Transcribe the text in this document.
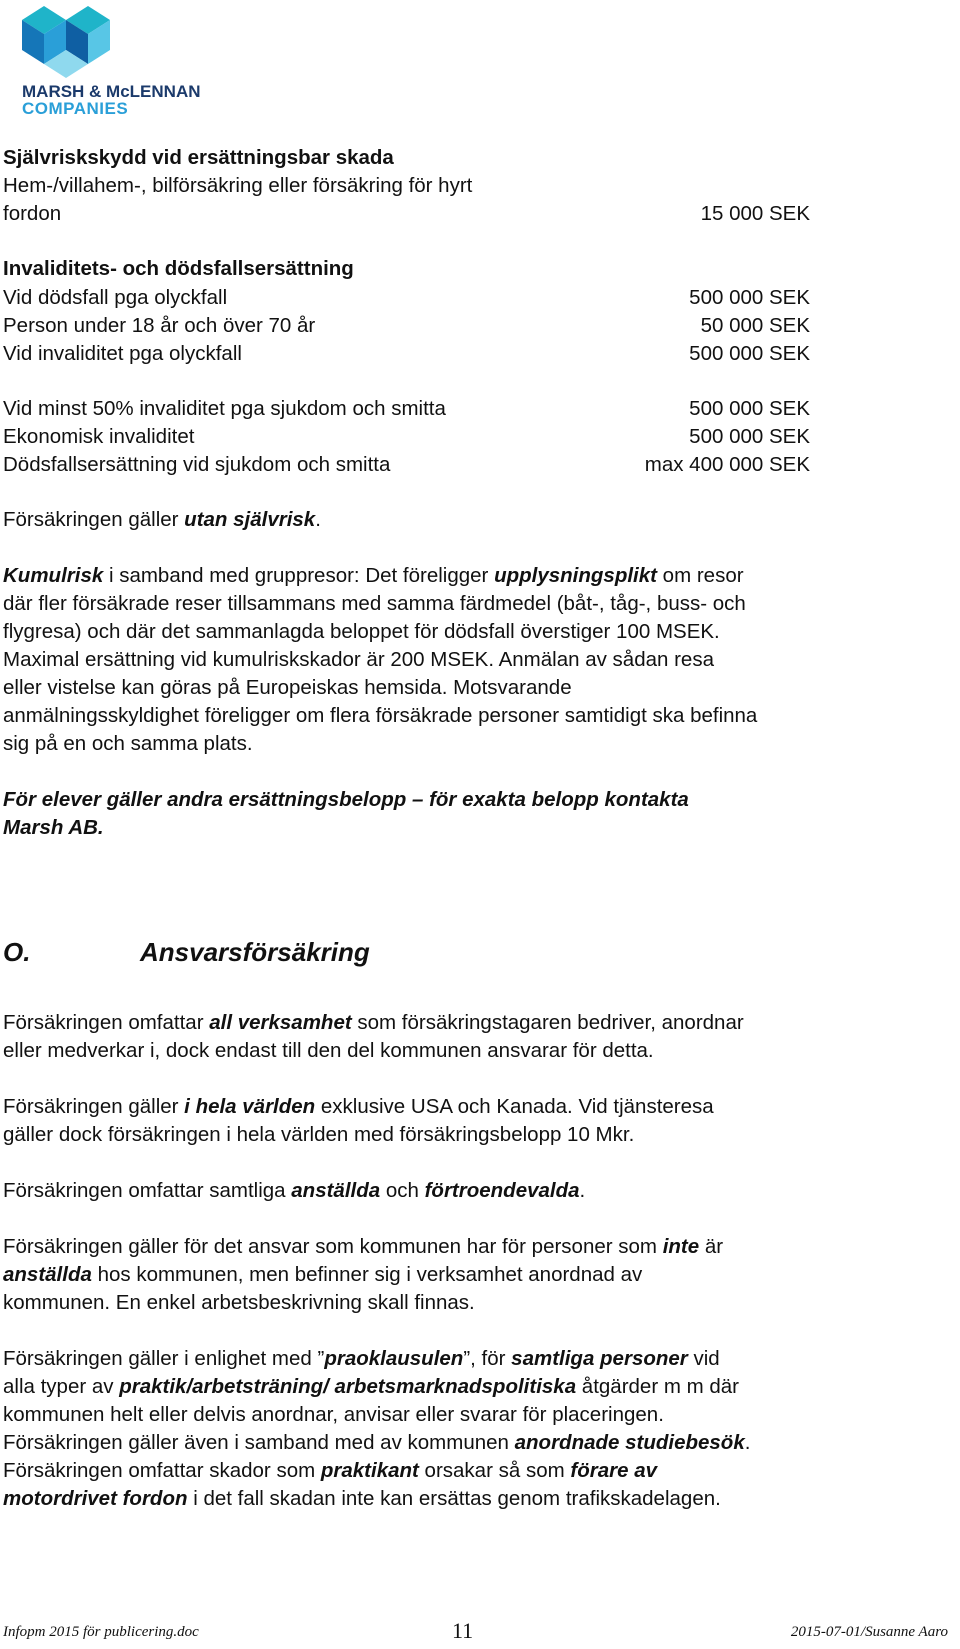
MARSH & McLENNAN
COMPANIES
Självriskskydd vid ersättningsbar skada
Hem-/villahem-, bilförsäkring eller försäkring för hyrt
fordon	15 000 SEK
Invaliditets- och dödsfallsersättning
Vid dödsfall pga olyckfall	500 000 SEK
Person under 18 år och över 70 år	50 000 SEK
Vid invaliditet pga olyckfall	500 000 SEK
Vid minst 50% invaliditet pga sjukdom och smitta	500 000 SEK
Ekonomisk invaliditet	500 000 SEK
Dödsfallsersättning vid sjukdom och smitta	max 400 000 SEK
Försäkringen gäller utan självrisk.
Kumulrisk i samband med gruppresor: Det föreligger upplysningsplikt om resor
där fler försäkrade reser tillsammans med samma färdmedel (båt-, tåg-, buss- och
flygresa) och där det sammanlagda beloppet för dödsfall överstiger 100 MSEK.
Maximal ersättning vid kumulriskskador är 200 MSEK. Anmälan av sådan resa
eller vistelse kan göras på Europeiskas hemsida. Motsvarande
anmälningsskyldighet föreligger om flera försäkrade personer samtidigt ska befinna
sig på en och samma plats.
För elever gäller andra ersättningsbelopp – för exakta belopp kontakta
Marsh AB.
O.	Ansvarsförsäkring
Försäkringen omfattar all verksamhet som försäkringstagaren bedriver, anordnar
eller medverkar i, dock endast till den del kommunen ansvarar för detta.
Försäkringen gäller i hela världen exklusive USA och Kanada. Vid tjänsteresa
gäller dock försäkringen i hela världen med försäkringsbelopp 10 Mkr.
Försäkringen omfattar samtliga anställda och förtroendevalda.
Försäkringen gäller för det ansvar som kommunen har för personer som inte är
anställda hos kommunen, men befinner sig i verksamhet anordnad av
kommunen. En enkel arbetsbeskrivning skall finnas.
Försäkringen gäller i enlighet med ”praoklausulen”, för samtliga personer vid
alla typer av praktik/arbetsträning/ arbetsmarknadspolitiska åtgärder m m där
kommunen helt eller delvis anordnar, anvisar eller svarar för placeringen.
Försäkringen gäller även i samband med av kommunen anordnade studiebesök.
Försäkringen omfattar skador som praktikant orsakar så som förare av
motordrivet fordon i det fall skadan inte kan ersättas genom trafikskadelagen.
Infopm 2015 för publicering.doc	11	2015-07-01/Susanne Aaro
